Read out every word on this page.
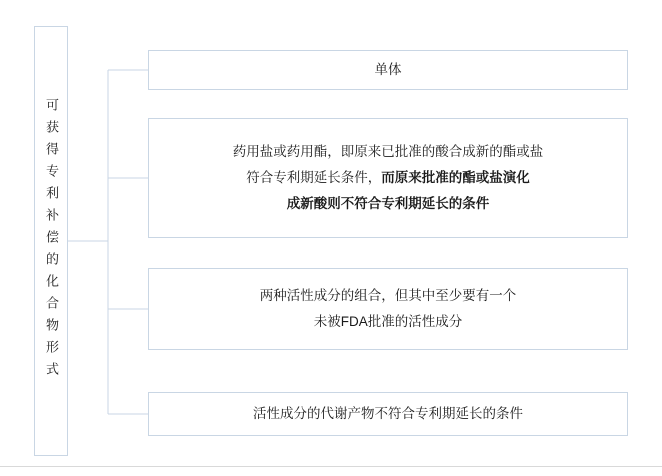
可获得专利补偿的化合物形式
单体
药用盐或药用酯，即原来已批准的酸合成新的酯或盐
符合专利期延长条件，而原来批准的酯或盐演化
成新酸则不符合专利期延长的条件
两种活性成分的组合，但其中至少要有一个
未被FDA批准的活性成分
活性成分的代谢产物不符合专利期延长的条件
